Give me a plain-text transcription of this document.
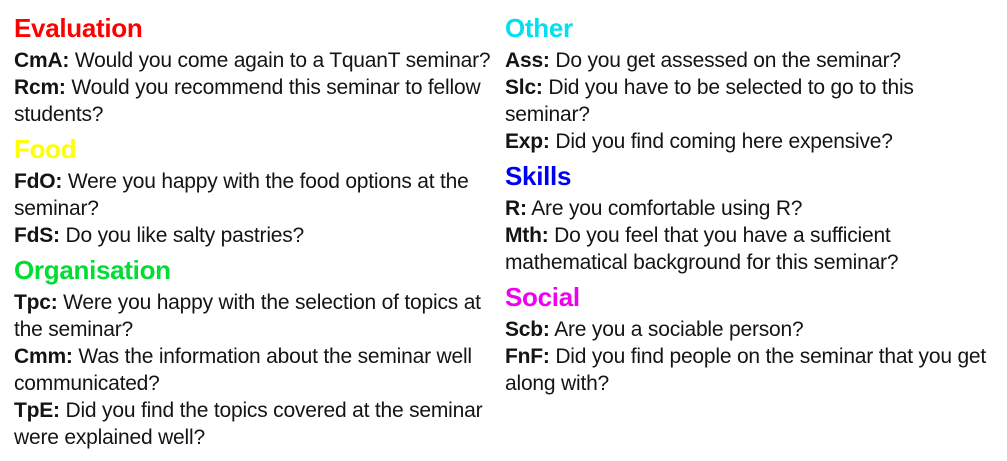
Evaluation
CmA: Would you come again to a TquanT seminar?
Rcm: Would you recommend this seminar to fellow students?
Food
FdO: Were you happy with the food options at the seminar?
FdS: Do you like salty pastries?
Organisation
Tpc: Were you happy with the selection of topics at the seminar?
Cmm: Was the information about the seminar well communicated?
TpE: Did you find the topics covered at the seminar were explained well?
Other
Ass: Do you get assessed on the seminar?
Slc: Did you have to be selected to go to this seminar?
Exp: Did you find coming here expensive?
Skills
R: Are you comfortable using R?
Mth: Do you feel that you have a sufficient mathematical background for this seminar?
Social
Scb: Are you a sociable person?
FnF: Did you find people on the seminar that you get along with?
